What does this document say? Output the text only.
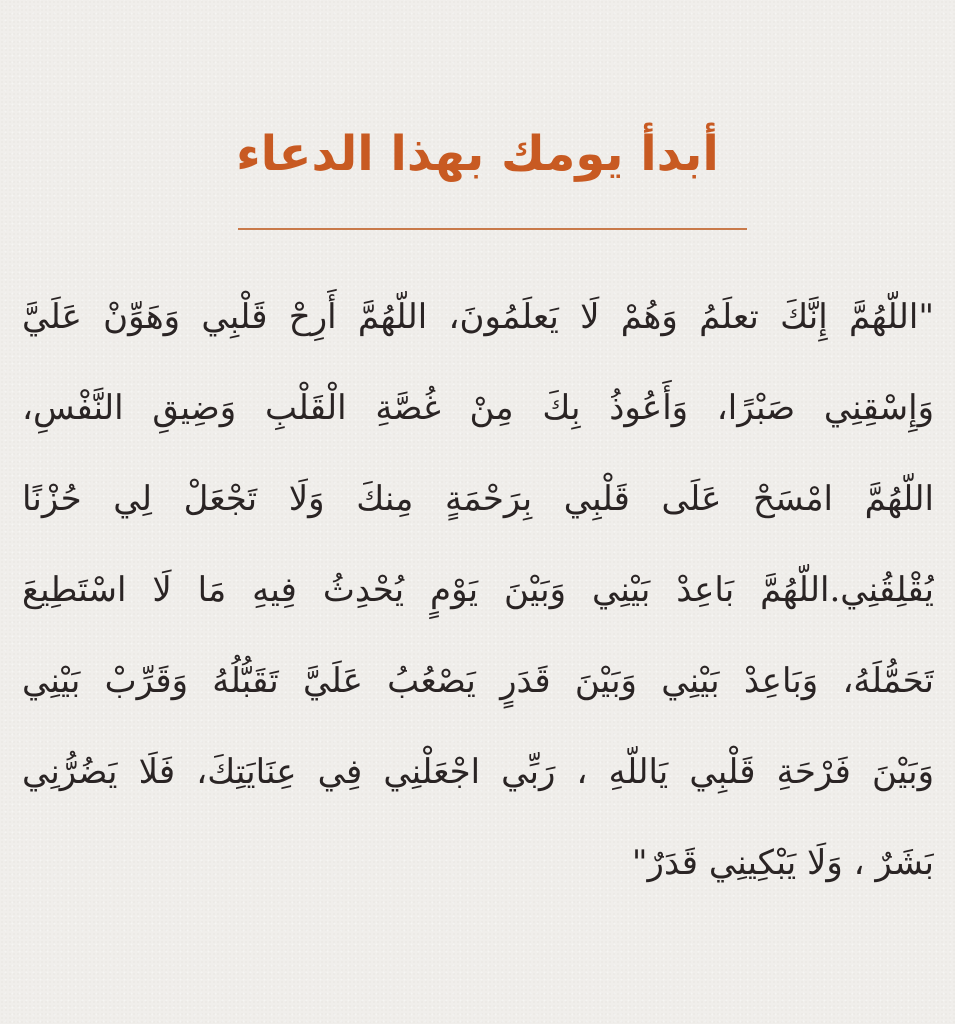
أبدأ يومك بهذا الدعاء
"اللّهُمَّ إِنَّكَ تعلَمُ وَهُمْ لَا يَعلَمُونَ، اللّهُمَّ أَرِحْ قَلْبِي وَهَوِّنْ عَلَيَّ
وَإِسْقِنِي صَبْرًا، وَأَعُوذُ بِكَ مِنْ غُصَّةِ الْقَلْبِ وَضِيقِ النَّفْسِ،
اللّهُمَّ امْسَحْ عَلَى قَلْبِي بِرَحْمَةٍ مِنكَ وَلَا تَجْعَلْ لِي حُزْنًا
يُقْلِقُنِي.اللّهُمَّ بَاعِدْ بَيْنِي وَبَيْنَ يَوْمٍ يُحْدِثُ فِيهِ مَا لَا اسْتَطِيعَ
تَحَمُّلَهُ، وَبَاعِدْ بَيْنِي وَبَيْنَ قَدَرٍ يَصْعُبُ عَلَيَّ تَقَبُّلُهُ وَقَرِّبْ بَيْنِي
وَبَيْنَ فَرْحَةِ قَلْبِي يَاللّهِ ، رَبِّي اجْعَلْنِي فِي عِنَايَتِكَ، فَلَا يَضُرُّنِي
بَشَرٌ ، وَلَا يَبْكِينِي قَدَرٌ"
